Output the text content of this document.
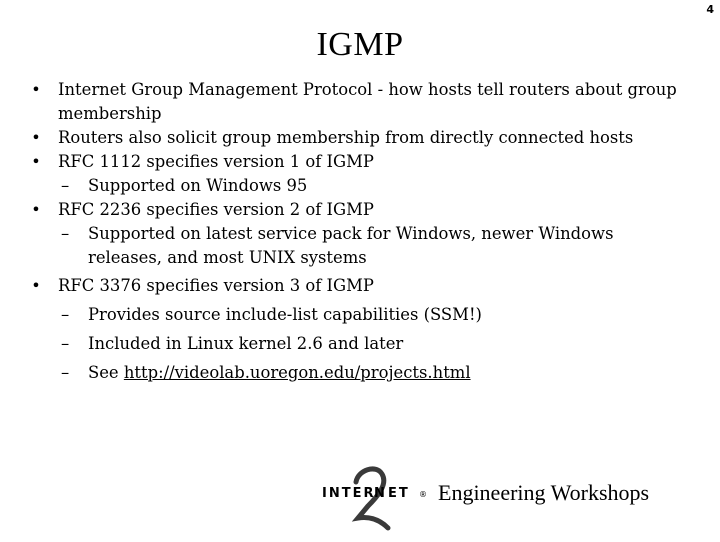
4
IGMP
• Internet Group Management Protocol - how hosts tell routers about group membership
• Routers also solicit group membership from directly connected hosts
• RFC 1112 specifies version 1 of IGMP
–	Supported on Windows 95
• RFC 2236 specifies version 2 of IGMP
–	Supported on latest service pack for Windows, newer Windows releases, and most UNIX systems
• RFC 3376 specifies version 3 of IGMP
–	Provides source include-list capabilities (SSM!)
–	Included in Linux kernel 2.6 and later
–	See http://videolab.uoregon.edu/projects.html
INTER
N ET ® Engineering Workshops
